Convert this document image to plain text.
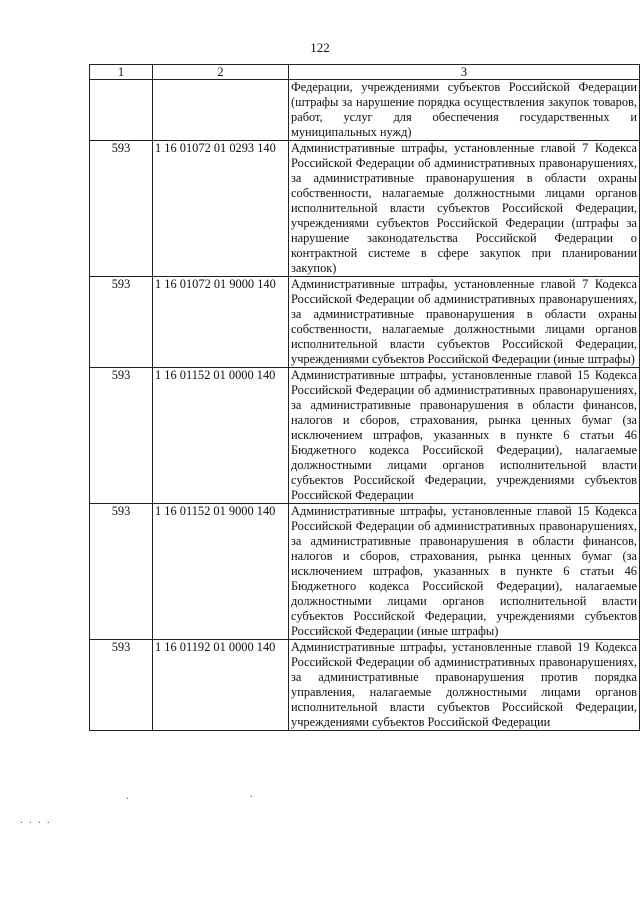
122
1	2	3
		Федерации, учреждениями субъектов Российской Федерации (штрафы за нарушение порядка осуществления закупок товаров, работ, услуг для обеспечения государственных и муниципальных нужд)
593	1 16 01072 01 0293 140	Административные штрафы, установленные главой 7 Кодекса Российской Федерации об административных правонарушениях, за административные правонарушения в области охраны собственности, налагаемые должностными лицами органов исполнительной власти субъектов Российской Федерации, учреждениями субъектов Российской Федерации (штрафы за нарушение законодательства Российской Федерации о контрактной системе в сфере закупок при планировании закупок)
593	1 16 01072 01 9000 140	Административные штрафы, установленные главой 7 Кодекса Российской Федерации об административных правонарушениях, за административные правонарушения в области охраны собственности, налагаемые должностными лицами органов исполнительной власти субъектов Российской Федерации, учреждениями субъектов Российской Федерации (иные штрафы)
593	1 16 01152 01 0000 140	Административные штрафы, установленные главой 15 Кодекса Российской Федерации об административных правонарушениях, за административные правонарушения в области финансов, налогов и сборов, страхования, рынка ценных бумаг (за исключением штрафов, указанных в пункте 6 статьи 46 Бюджетного кодекса Российской Федерации), налагаемые должностными лицами органов исполнительной власти субъектов Российской Федерации, учреждениями субъектов Российской Федерации
593	1 16 01152 01 9000 140	Административные штрафы, установленные главой 15 Кодекса Российской Федерации об административных правонарушениях, за административные правонарушения в области финансов, налогов и сборов, страхования, рынка ценных бумаг (за исключением штрафов, указанных в пункте 6 статьи 46 Бюджетного кодекса Российской Федерации), налагаемые должностными лицами органов исполнительной власти субъектов Российской Федерации, учреждениями субъектов Российской Федерации (иные штрафы)
593	1 16 01192 01 0000 140	Административные штрафы, установленные главой 19 Кодекса Российской Федерации об административных правонарушениях, за административные правонарушения против порядка управления, налагаемые должностными лицами органов исполнительной власти субъектов Российской Федерации, учреждениями субъектов Российской Федерации
.	.
. . . .
